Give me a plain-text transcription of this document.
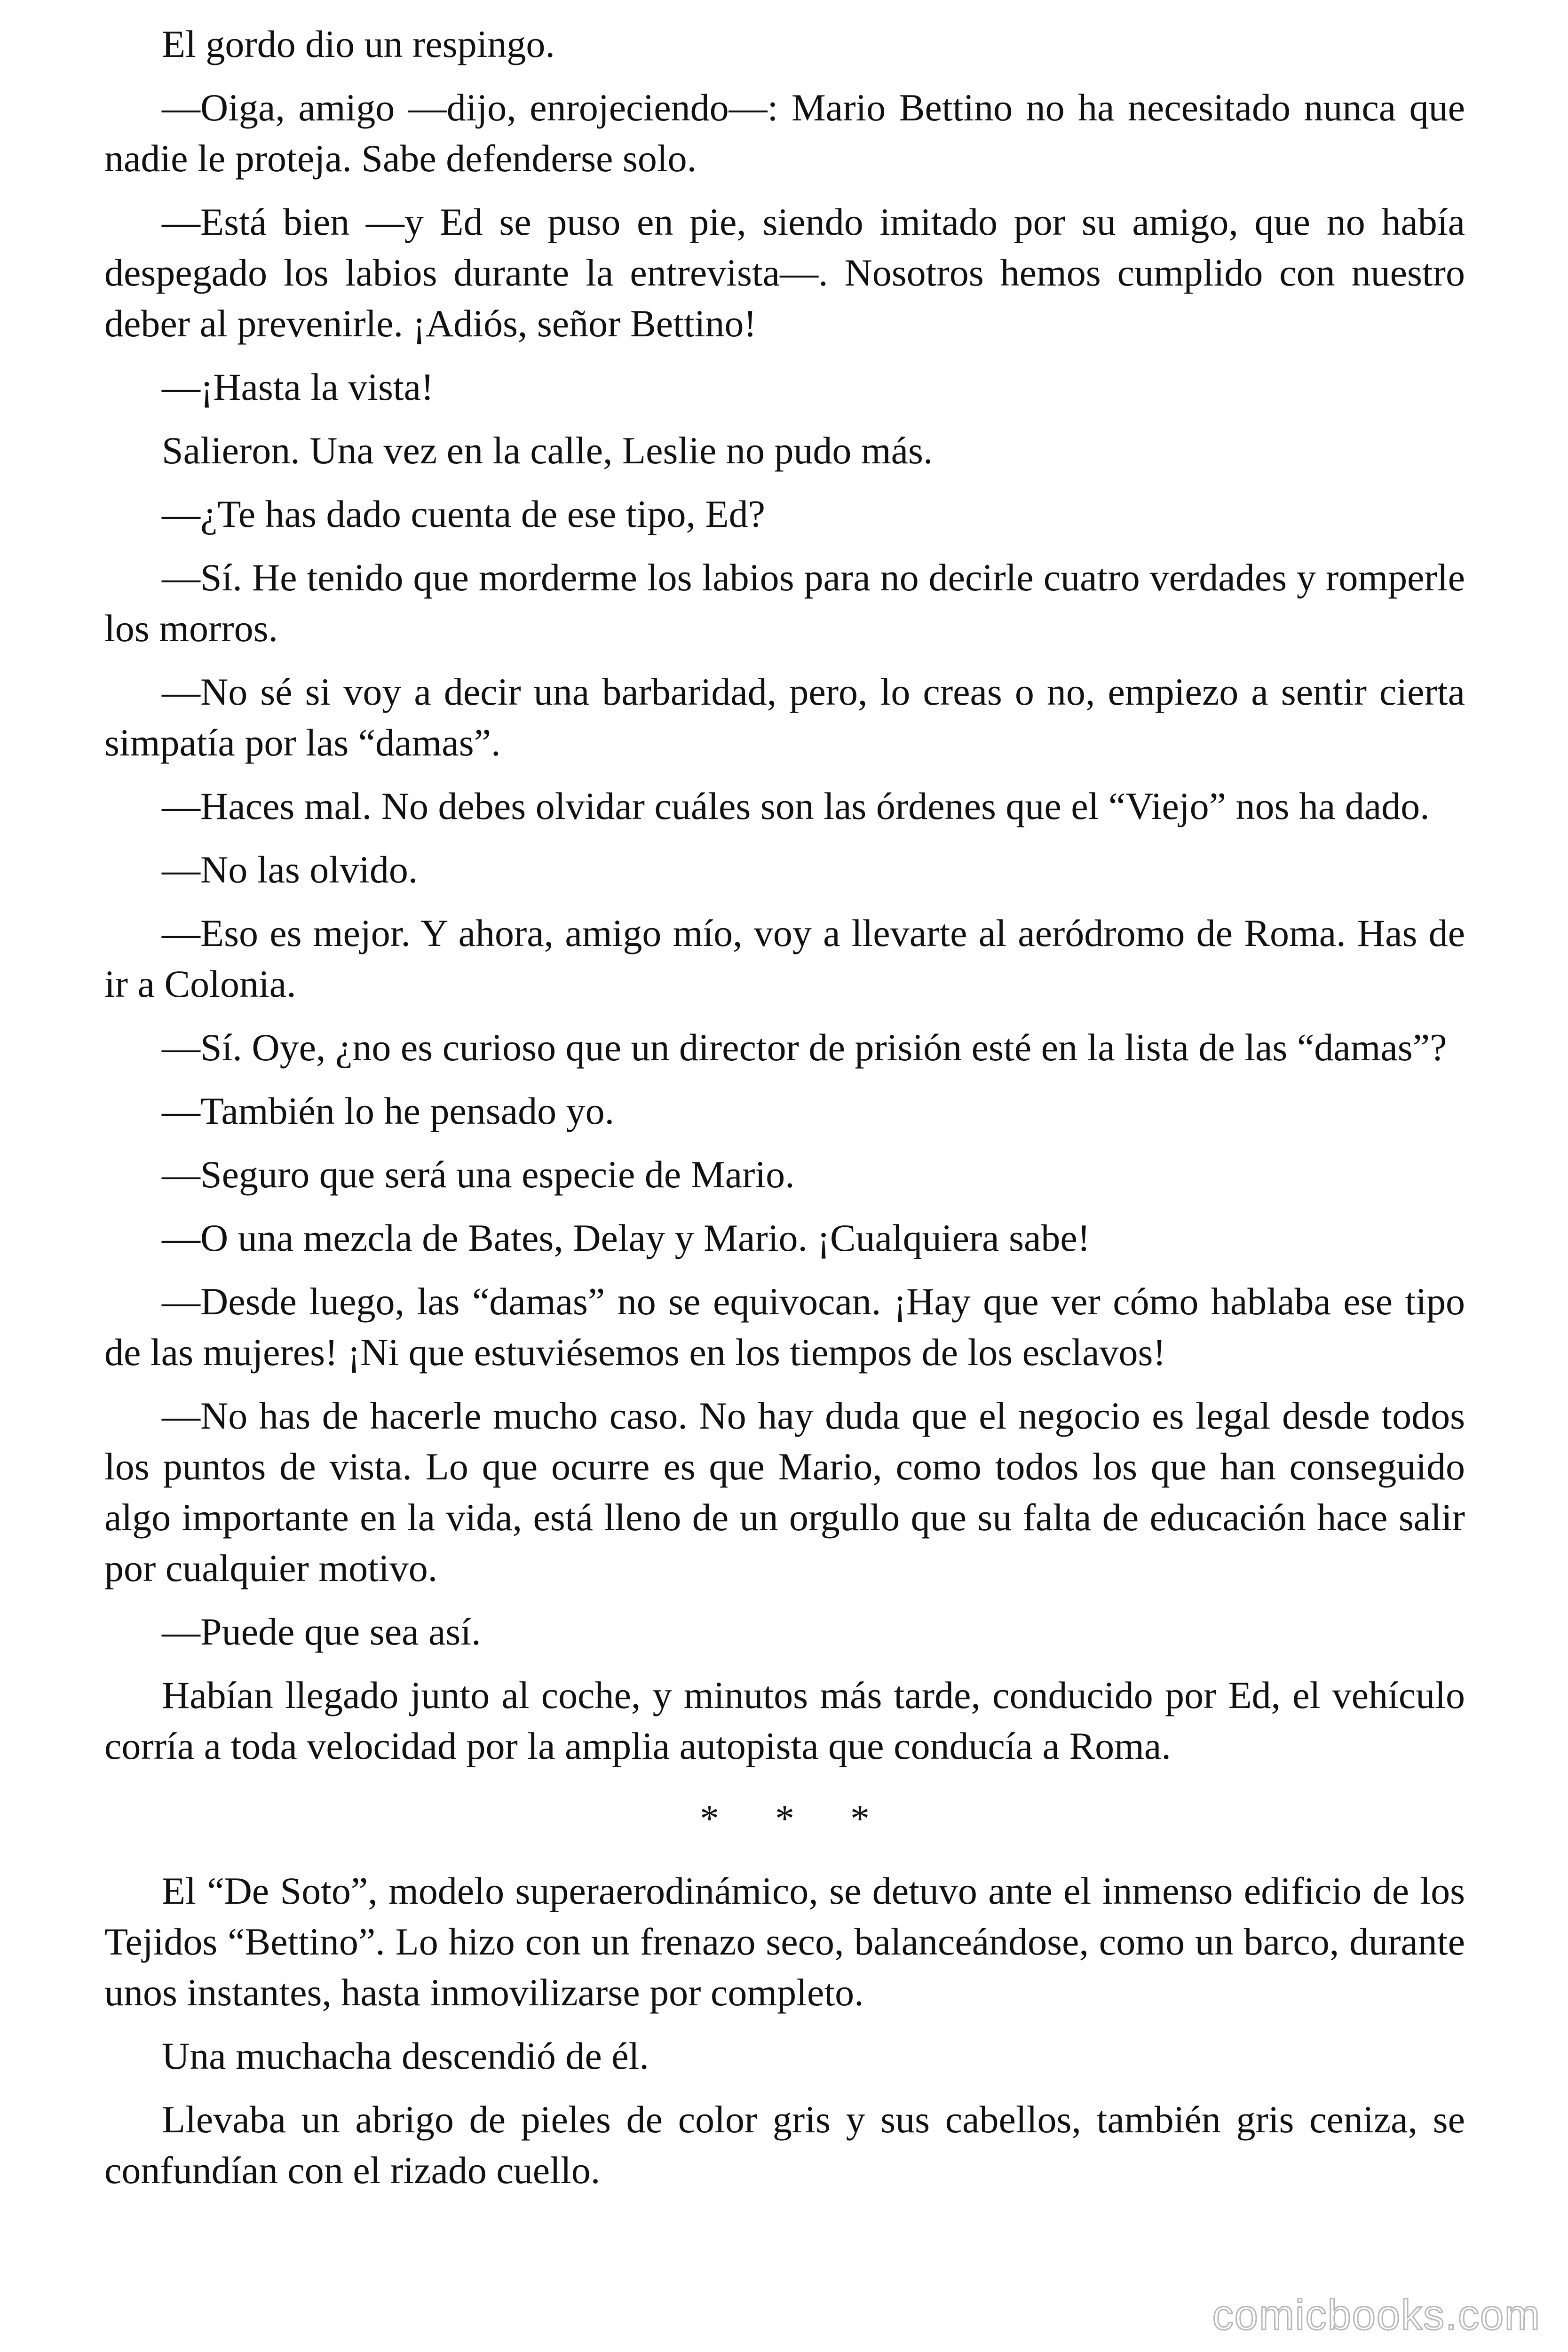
El gordo dio un respingo.

—Oiga, amigo —dijo, enrojeciendo—: Mario Bettino no ha necesitado nunca que nadie le proteja. Sabe defenderse solo.

—Está bien —y Ed se puso en pie, siendo imitado por su amigo, que no había despegado los labios durante la entrevista—. Nosotros hemos cumplido con nuestro deber al prevenirle. ¡Adiós, señor Bettino!

—¡Hasta la vista!

Salieron. Una vez en la calle, Leslie no pudo más.

—¿Te has dado cuenta de ese tipo, Ed?

—Sí. He tenido que morderme los labios para no decirle cuatro verdades y romperle los morros.

—No sé si voy a decir una barbaridad, pero, lo creas o no, empiezo a sentir cierta simpatía por las “damas”.

—Haces mal. No debes olvidar cuáles son las órdenes que el “Viejo” nos ha dado.

—No las olvido.

—Eso es mejor. Y ahora, amigo mío, voy a llevarte al aeródromo de Roma. Has de ir a Colonia.

—Sí. Oye, ¿no es curioso que un director de prisión esté en la lista de las “damas”?

—También lo he pensado yo.

—Seguro que será una especie de Mario.

—O una mezcla de Bates, Delay y Mario. ¡Cualquiera sabe!

—Desde luego, las “damas” no se equivocan. ¡Hay que ver cómo hablaba ese tipo de las mujeres! ¡Ni que estuviésemos en los tiempos de los esclavos!

—No has de hacerle mucho caso. No hay duda que el negocio es legal desde todos los puntos de vista. Lo que ocurre es que Mario, como todos los que han conseguido algo importante en la vida, está lleno de un orgullo que su falta de educación hace salir por cualquier motivo.

—Puede que sea así.

Habían llegado junto al coche, y minutos más tarde, conducido por Ed, el vehículo corría a toda velocidad por la amplia autopista que conducía a Roma.

* * *

El “De Soto”, modelo superaerodinámico, se detuvo ante el inmenso edificio de los Tejidos “Bettino”. Lo hizo con un frenazo seco, balanceándose, como un barco, durante unos instantes, hasta inmovilizarse por completo.

Una muchacha descendió de él.

Llevaba un abrigo de pieles de color gris y sus cabellos, también gris ceniza, se confundían con el rizado cuello.

comicbooks.com
